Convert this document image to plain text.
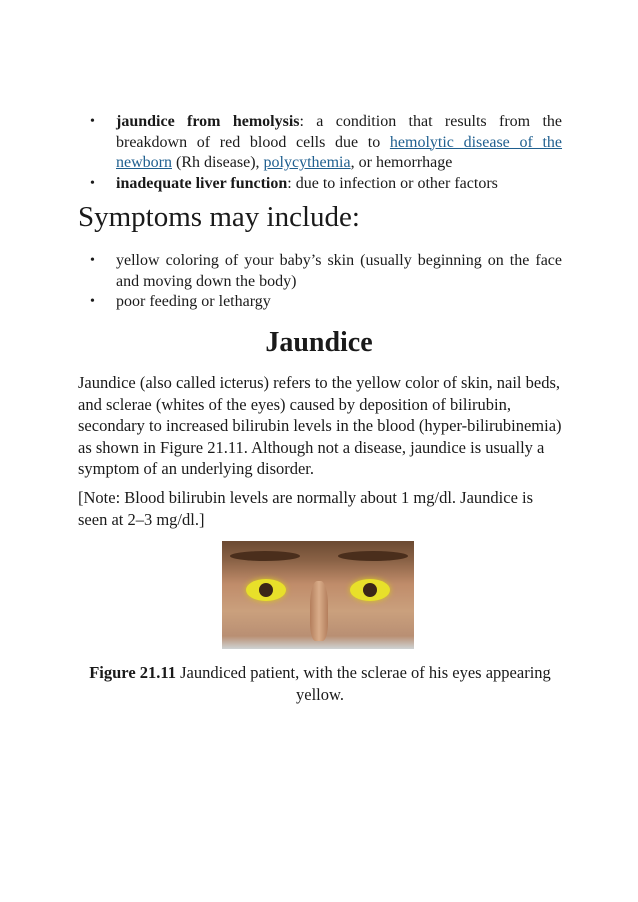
• jaundice from hemolysis: a condition that results from the breakdown of red blood cells due to hemolytic disease of the newborn (Rh disease), polycythemia, or hemorrhage
• inadequate liver function: due to infection or other factors
Symptoms may include:
• yellow coloring of your baby’s skin (usually beginning on the face and moving down the body)
• poor feeding or lethargy
Jaundice

Jaundice (also called icterus) refers to the yellow color of skin, nail beds, and sclerae (whites of the eyes) caused by deposition of bilirubin, secondary to increased bilirubin levels in the blood (hyper-bilirubinemia) as shown in Figure 21.11. Although not a disease, jaundice is usually a symptom of an underlying disorder.

[Note: Blood bilirubin levels are normally about 1 mg/dl. Jaundice is seen at 2–3 mg/dl.]

Figure 21.11 Jaundiced patient, with the sclerae of his eyes appearing yellow.
